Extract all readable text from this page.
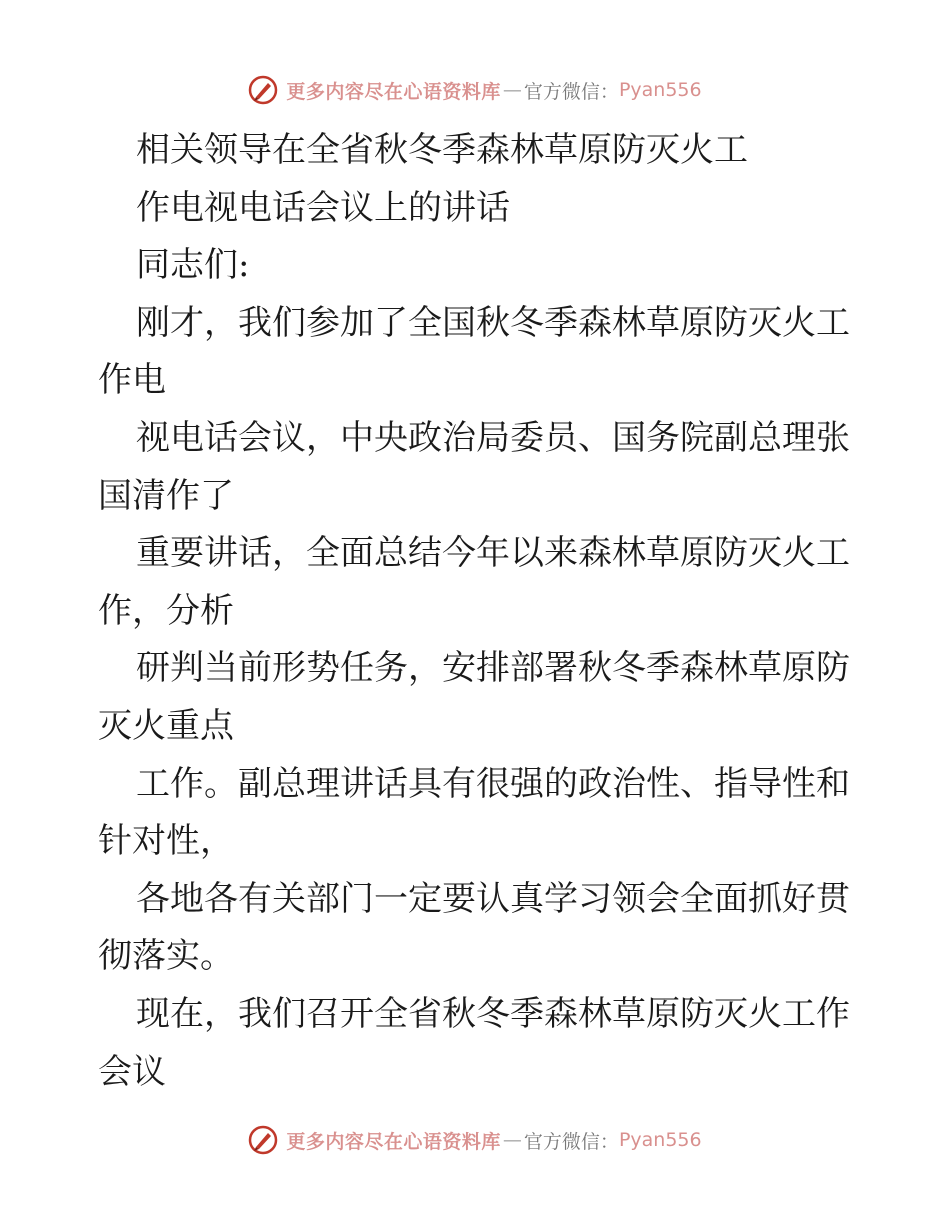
更多内容尽在心语资料库 — 官方微信： Pyan556
相关领导在全省秋冬季森林草原防灭火工
作电视电话会议上的讲话
同志们:
刚才，我们参加了全国秋冬季森林草原防灭火工
作电
视电话会议，中央政治局委员、国务院副总理张
国清作了
重要讲话，全面总结今年以来森林草原防灭火工
作，分析
研判当前形势任务，安排部署秋冬季森林草原防
灭火重点
工作。副总理讲话具有很强的政治性、指导性和
针对性，
各地各有关部门一定要认真学习领会全面抓好贯
彻落实。
现在，我们召开全省秋冬季森林草原防灭火工作
会议
更多内容尽在心语资料库 — 官方微信： Pyan556
